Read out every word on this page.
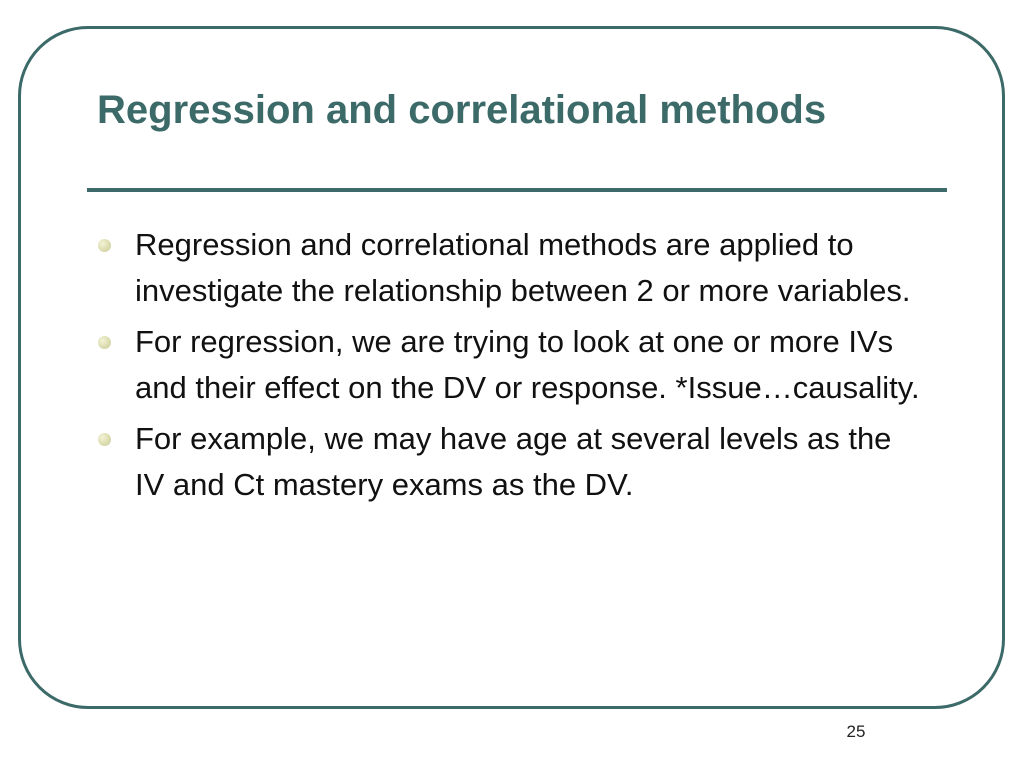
Regression and correlational methods
Regression and correlational methods are applied to investigate the relationship between 2 or more variables.
For regression, we are trying to look at one or more IVs and their effect on the DV or response. *Issue…causality.
For example, we may have age at several levels as the IV and Ct mastery exams as the DV.
25
